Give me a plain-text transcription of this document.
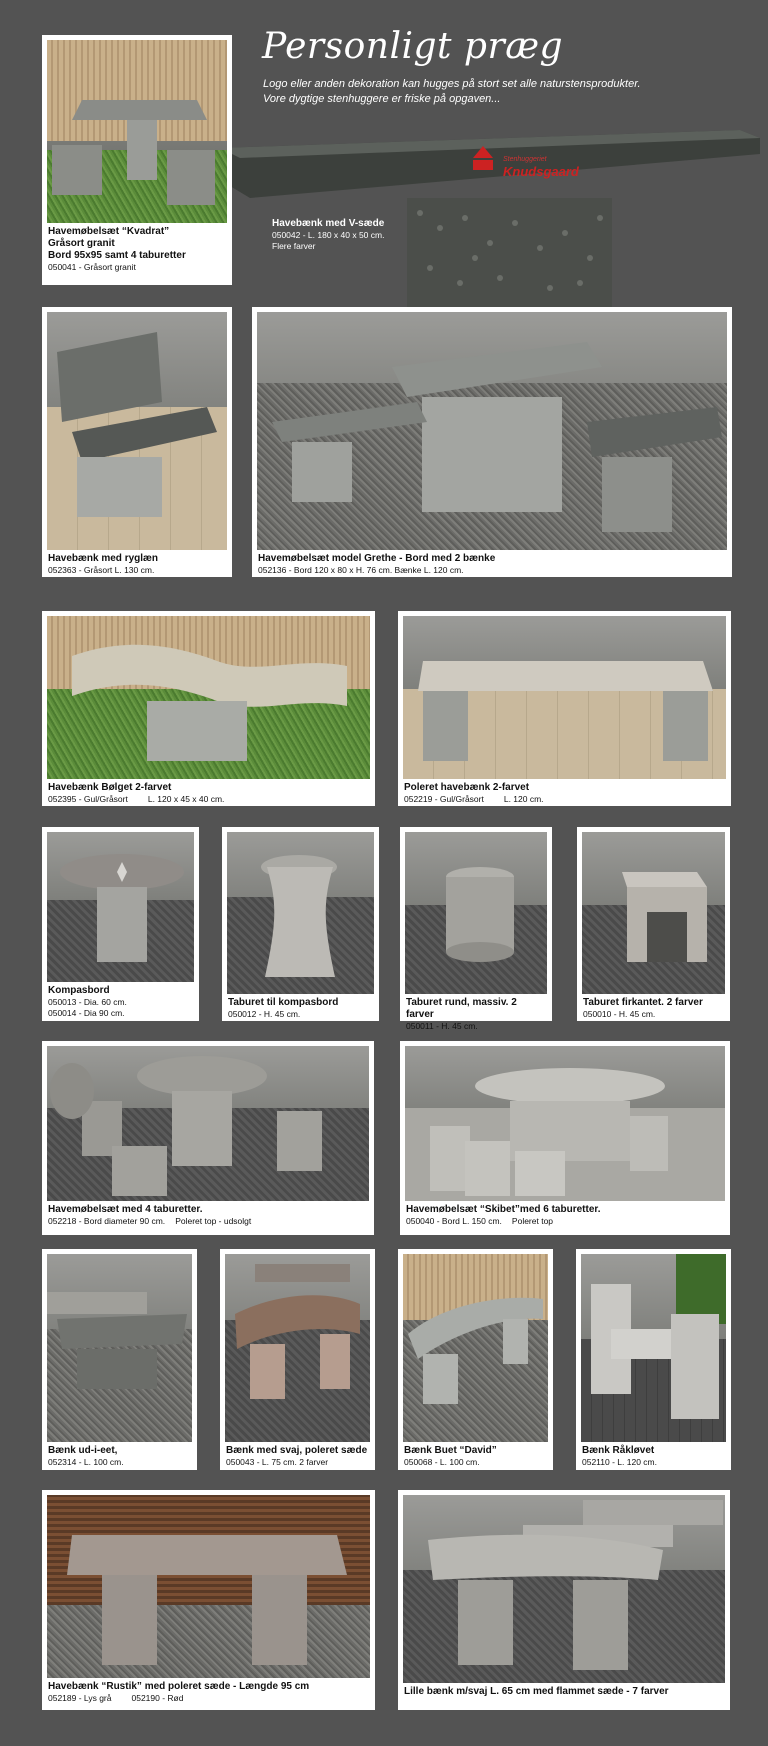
Personligt præg
Logo eller anden dekoration kan hugges på stort set alle naturstensprodukter.
Vore dygtige stenhuggere er friske på opgaven...
Stenhuggeriet
Knudsgaard
Havebænk med V-sæde
050042 - L. 180 x 40 x 50 cm.
Flere farver
Havemøbelsæt “Kvadrat”
Gråsort granit
Bord 95x95 samt 4 taburetter
050041 - Gråsort granit
Havebænk med ryglæn
052363 - Gråsort L. 130 cm.
Havemøbelsæt model Grethe - Bord med 2 bænke
052136 - Bord 120 x 80 x H. 76 cm. Bænke L. 120 cm.
Havebænk Bølget 2-farvet
052395 - Gul/Gråsort L. 120 x 45 x 40 cm.
Poleret havebænk 2-farvet
052219 - Gul/Gråsort L. 120 cm.
Kompasbord
050013 - Dia. 60 cm.
050014 - Dia 90 cm.
Taburet til kompasbord
050012 - H. 45 cm.
Taburet rund, massiv. 2 farver
050011 - H. 45 cm.
Taburet firkantet. 2 farver
050010 - H. 45 cm.
Havemøbelsæt med 4 taburetter.
052218 - Bord diameter 90 cm. Poleret top - udsolgt
Havemøbelsæt “Skibet”med 6 taburetter.
050040 - Bord L. 150 cm. Poleret top
Bænk ud-i-eet,
052314 - L. 100 cm.
Bænk med svaj, poleret sæde
050043 - L. 75 cm. 2 farver
Bænk Buet “David”
050068 - L. 100 cm.
Bænk Råkløvet
052110 - L. 120 cm.
Havebænk “Rustik” med poleret sæde - Længde 95 cm
052189 - Lys grå 052190 - Rød
Lille bænk m/svaj L. 65 cm med flammet sæde - 7 farver
